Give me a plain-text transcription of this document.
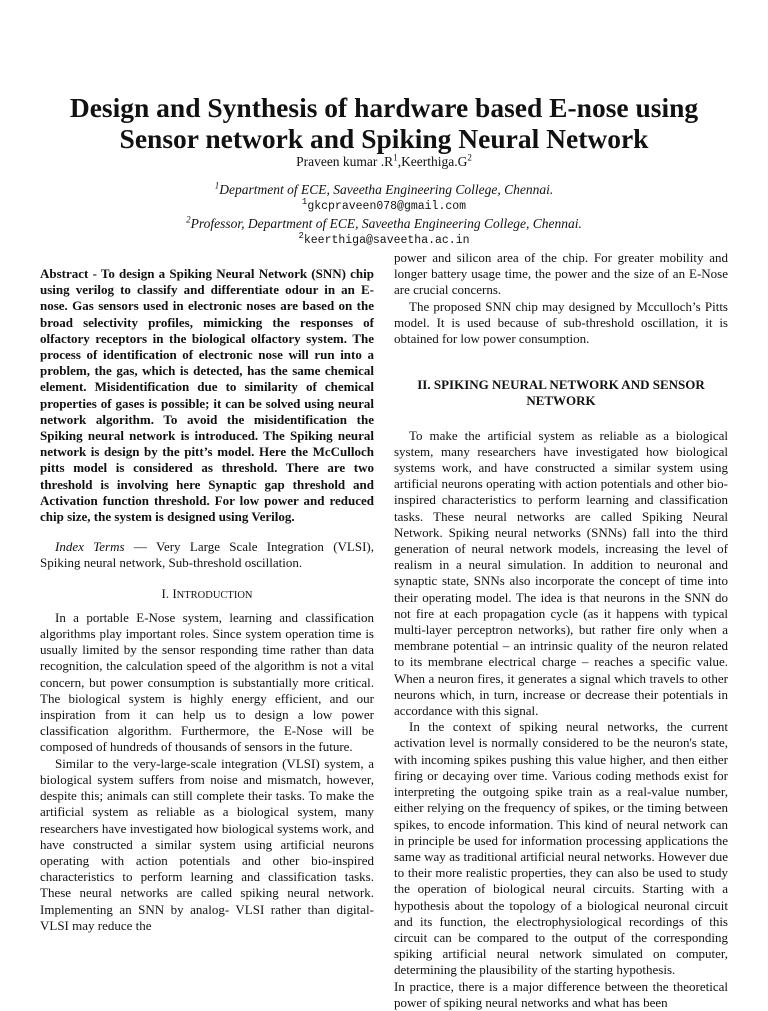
Design and Synthesis of hardware based E-nose using Sensor network and Spiking Neural Network
Praveen kumar $.R^1,Keerthiga.G^2$
$^1$Department of ECE, Saveetha Engineering College, Chennai.
$^1$gkcpraveen078@gmail.com
$^2$Professor, Department of ECE, Saveetha Engineering College, Chennai.
$^2$keerthiga@saveetha.ac.in

Abstract - To design a Spiking Neural Network (SNN) chip using verilog to classify and differentiate odour in an E-nose. Gas sensors used in electronic noses are based on the broad selectivity profiles, mimicking the responses of olfactory receptors in the biological olfactory system. The process of identification of electronic nose will run into a problem, the gas, which is detected, has the same chemical element. Misidentification due to similarity of chemical properties of gases is possible; it can be solved using neural network algorithm. To avoid the misidentification the Spiking neural network is introduced. The Spiking neural network is design by the pitt’s model. Here the McCulloch pitts model is considered as threshold. There are two threshold is involving here Synaptic gap threshold and Activation function threshold. For low power and reduced chip size, the system is designed using Verilog.

Index Terms — Very Large Scale Integration (VLSI), Spiking neural network, Sub-threshold oscillation.

I. INTRODUCTION

In a portable E-Nose system, learning and classification algorithms play important roles. Since system operation time is usually limited by the sensor responding time rather than data recognition, the calculation speed of the algorithm is not a vital concern, but power consumption is substantially more critical. The biological system is highly energy efficient, and our inspiration from it can help us to design a low power classification algorithm. Furthermore, the E-Nose will be composed of hundreds of thousands of sensors in the future.

Similar to the very-large-scale integration (VLSI) system, a biological system suffers from noise and mismatch, however, despite this; animals can still complete their tasks. To make the artificial system as reliable as a biological system, many researchers have investigated how biological systems work, and have constructed a similar system using artificial neurons operating with action potentials and other bio-inspired characteristics to perform learning and classification tasks. These neural networks are called spiking neural network. Implementing an SNN by analog- VLSI rather than digital-VLSI may reduce the

power and silicon area of the chip. For greater mobility and longer battery usage time, the power and the size of an E-Nose are crucial concerns.

The proposed SNN chip may designed by Mcculloch’s Pitts model. It is used because of sub-threshold oscillation, it is obtained for low power consumption.

II. SPIKING NEURAL NETWORK AND SENSOR NETWORK

To make the artificial system as reliable as a biological system, many researchers have investigated how biological systems work, and have constructed a similar system using artificial neurons operating with action potentials and other bio-inspired characteristics to perform learning and classification tasks. These neural networks are called Spiking Neural Network. Spiking neural networks (SNNs) fall into the third generation of neural network models, increasing the level of realism in a neural simulation. In addition to neuronal and synaptic state, SNNs also incorporate the concept of time into their operating model. The idea is that neurons in the SNN do not fire at each propagation cycle (as it happens with typical multi-layer perceptron networks), but rather fire only when a membrane potential – an intrinsic quality of the neuron related to its membrane electrical charge – reaches a specific value. When a neuron fires, it generates a signal which travels to other neurons which, in turn, increase or decrease their potentials in accordance with this signal.

In the context of spiking neural networks, the current activation level is normally considered to be the neuron's state, with incoming spikes pushing this value higher, and then either firing or decaying over time. Various coding methods exist for interpreting the outgoing spike train as a real-value number, either relying on the frequency of spikes, or the timing between spikes, to encode information. This kind of neural network can in principle be used for information processing applications the same way as traditional artificial neural networks. However due to their more realistic properties, they can also be used to study the operation of biological neural circuits. Starting with a hypothesis about the topology of a biological neuronal circuit and its function, the electrophysiological recordings of this circuit can be compared to the output of the corresponding spiking artificial neural network simulated on computer, determining the plausibility of the starting hypothesis.

In practice, there is a major difference between the theoretical power of spiking neural networks and what has been
